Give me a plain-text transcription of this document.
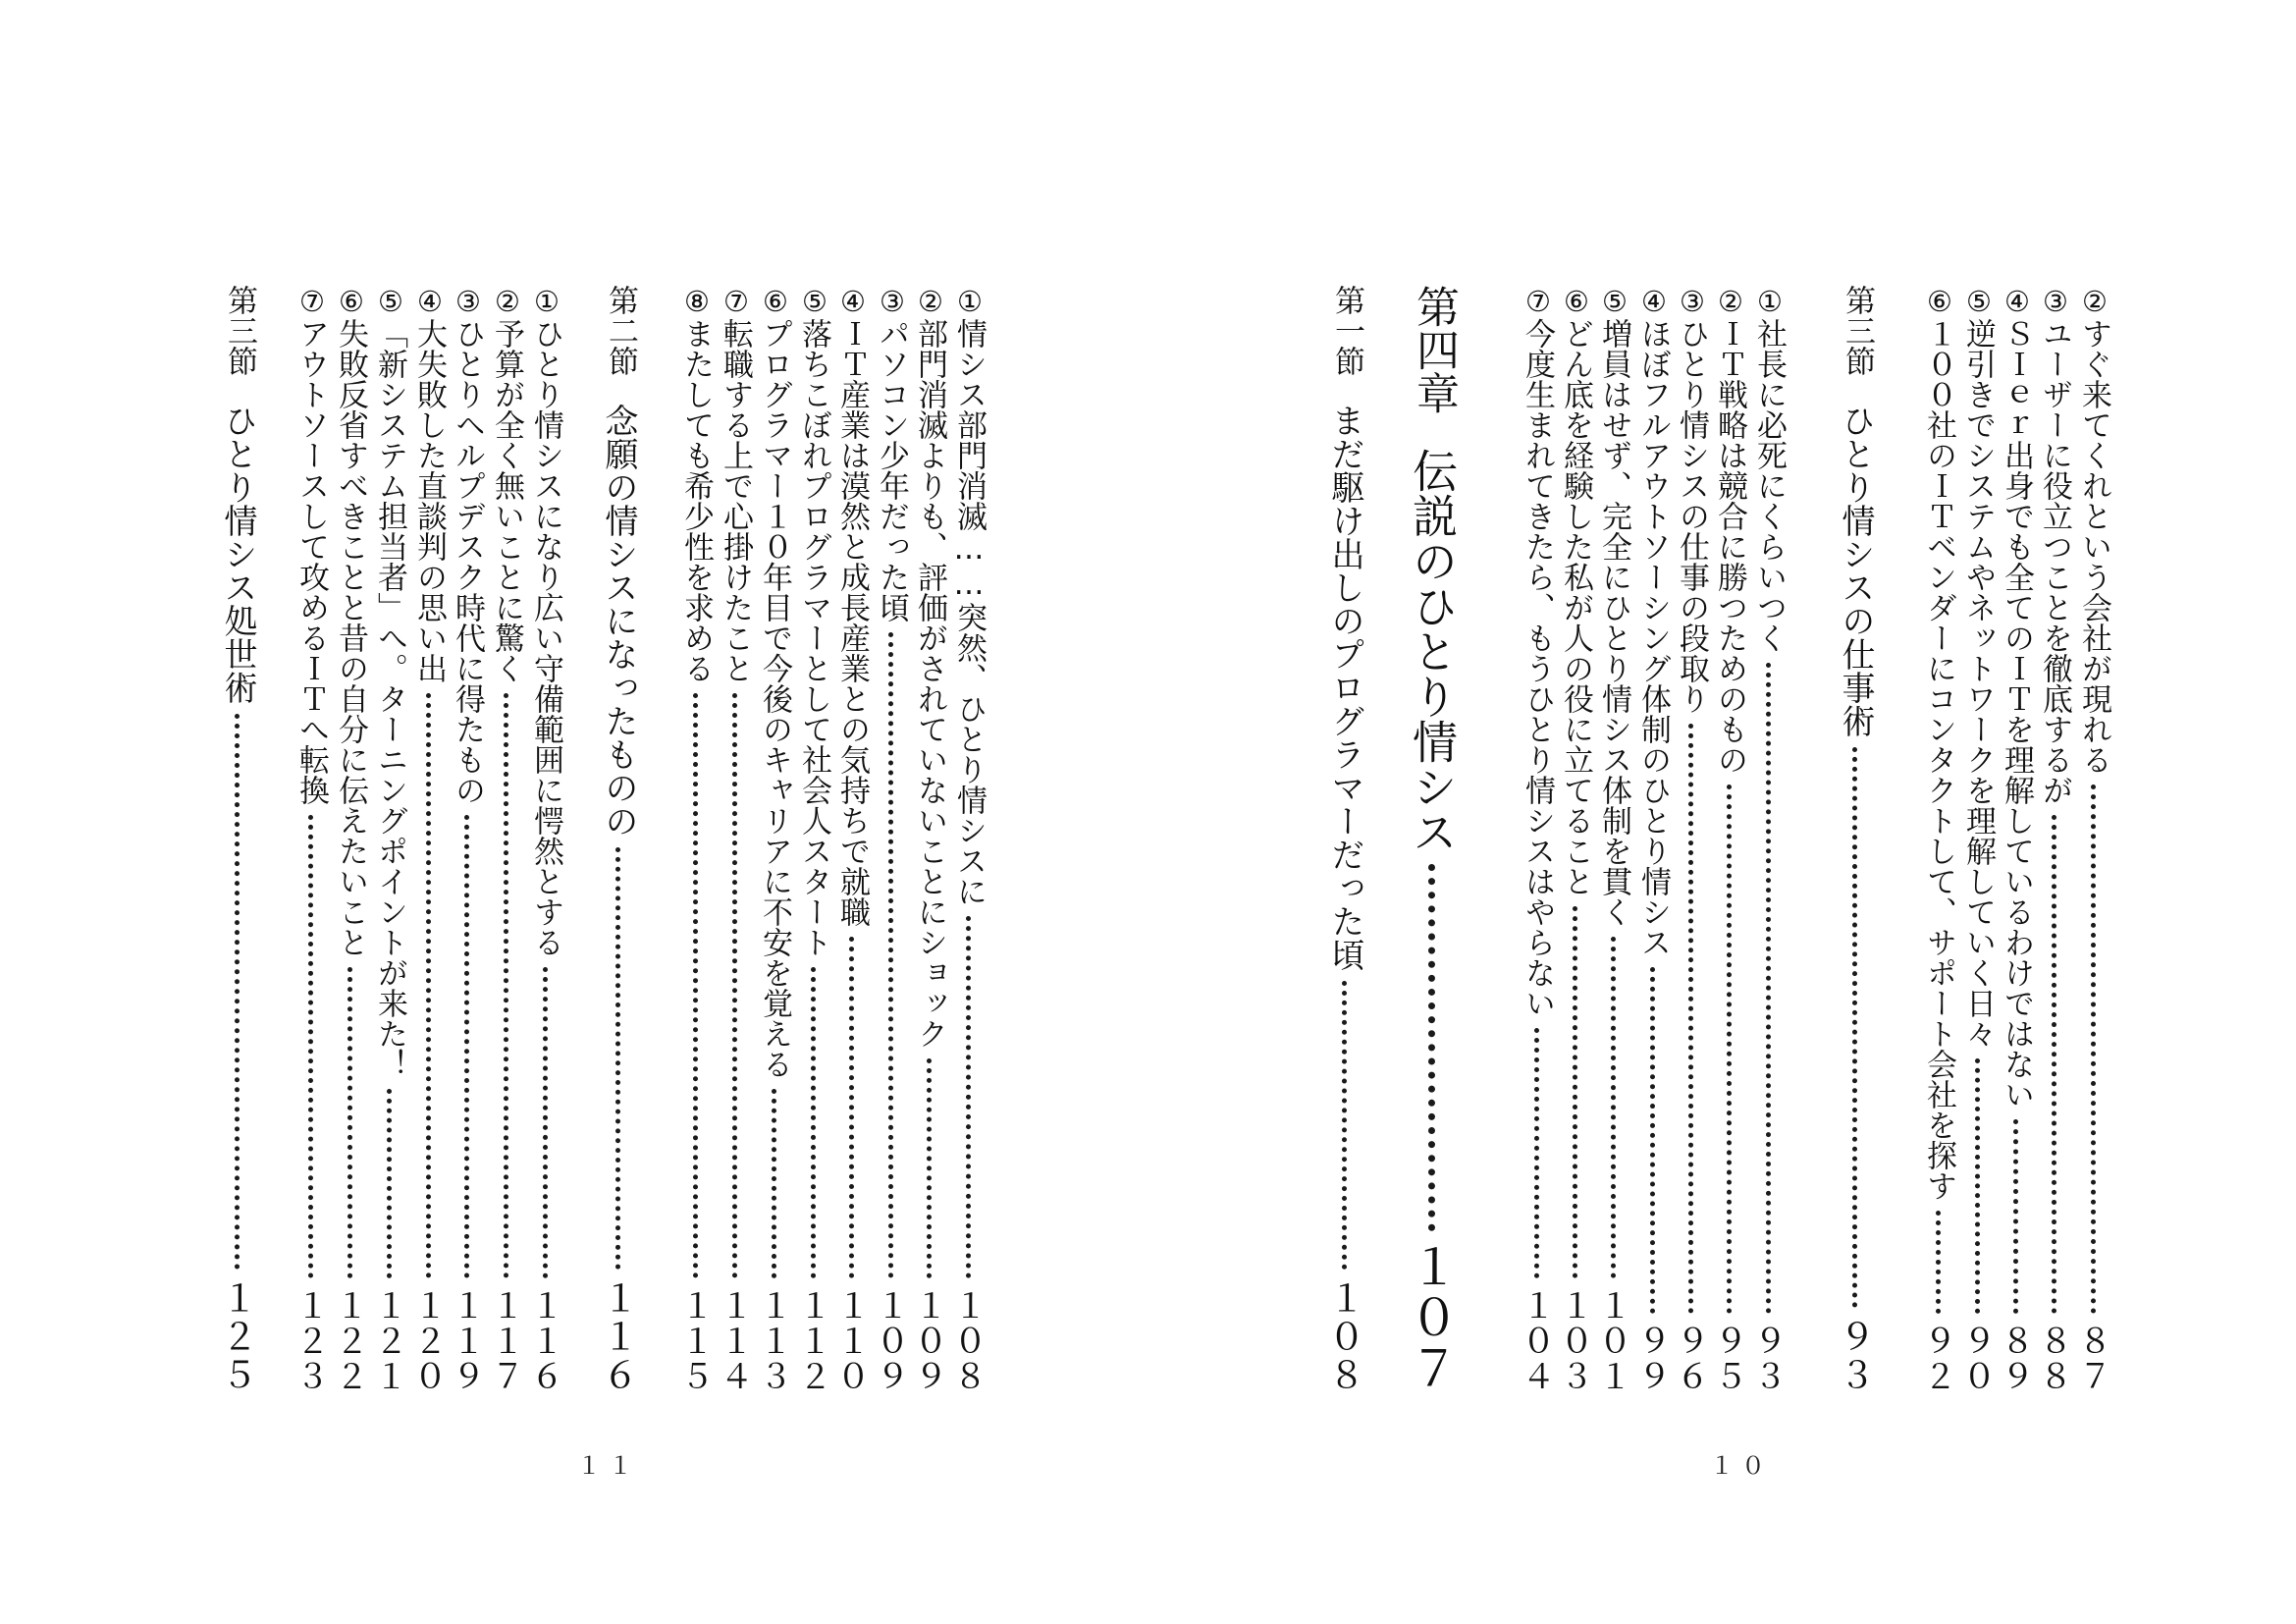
②
すぐ来てくれという会社が現れる
８７
③
ユーザーに役立つことを徹底するが
８８
④
ＳＩｅｒ出身でも全てのＩＴを理解しているわけではない
８９
⑤
逆引きでシステムやネットワークを理解していく日々
９０
⑥
１００社のＩＴベンダーにコンタクトして、サポート会社を探す
９２
第三節
ひとり情シスの仕事術
９３
①
社長に必死にくらいつく
９３
②
ＩＴ戦略は競合に勝つためのもの
９５
③
ひとり情シスの仕事の段取り
９６
④
ほぼフルアウトソーシング体制のひとり情シス
９９
⑤
増員はせず、完全にひとり情シス体制を貫く
１０１
⑥
どん底を経験した私が人の役に立てること
１０３
⑦
今度生まれてきたら、もうひとり情シスはやらない
１０４
第四章
伝説のひとり情シス
１０７
第一節
まだ駆け出しのプログラマーだった頃
１０８
１０
①
情シス部門消滅……突然、ひとり情シスに
１０８
②
部門消滅よりも、評価がされていないことにショック
１０９
③
パソコン少年だった頃
１０９
④
ＩＴ産業は漠然と成長産業との気持ちで就職
１１０
⑤
落ちこぼれプログラマーとして社会人スタート
１１２
⑥
プログラマー１０年目で今後のキャリアに不安を覚える
１１３
⑦
転職する上で心掛けたこと
１１４
⑧
またしても希少性を求める
１１５
第二節
念願の情シスになったものの
１１６
①
ひとり情シスになり広い守備範囲に愕然とする
１１６
②
予算が全く無いことに驚く
１１７
③
ひとりヘルプデスク時代に得たもの
１１９
④
大失敗した直談判の思い出
１２０
⑤
「新システム担当者」へ。ターニングポイントが来た！
１２１
⑥
失敗反省すべきことと昔の自分に伝えたいこと
１２２
⑦
アウトソースして攻めるＩＴへ転換
１２３
第三節
ひとり情シス処世術
１２５
１１
